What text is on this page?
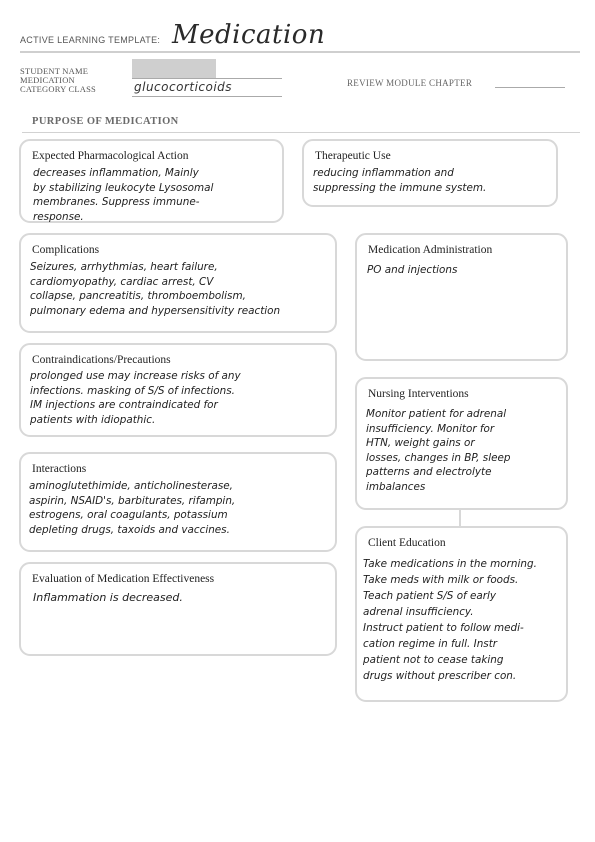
ACTIVE LEARNING TEMPLATE: Medication
STUDENT NAME
MEDICATION
CATEGORY CLASS	glucocorticoids	REVIEW MODULE CHAPTER
PURPOSE OF MEDICATION
Expected Pharmacological Action
decreases inflammation, Mainly
by stabilizing leukocyte Lysosomal
membranes. Suppress immune-
response.
Therapeutic Use
reducing inflammation and
suppressing the immune system.
Complications
Seizures, arrhythmias, heart failure,
cardiomyopathy, cardiac arrest, CV
collapse, pancreatitis, thromboembolism,
pulmonary edema and hypersensitivity reaction
Medication Administration
PO and injections
Contraindications/Precautions
prolonged use may increase risks of any
infections. masking of S/S of infections.
IM injections are contraindicated for
patients with idiopathic.
Nursing Interventions
Monitor patient for adrenal
insufficiency. Monitor for
HTN, weight gains or
losses, changes in BP, sleep
patterns and electrolyte
imbalances
Interactions
aminoglutethimide, anticholinesterase,
aspirin, NSAID's, barbiturates, rifampin,
estrogens, oral coagulants, potassium
depleting drugs, taxoids and vaccines.
Client Education
Take medications in the morning.
Take meds with milk or foods.
Teach patient S/S of early
adrenal insufficiency.
Instruct patient to follow medi-
cation regime in full. Instr
patient not to cease taking
drugs without prescriber con.
Evaluation of Medication Effectiveness
Inflammation is decreased.
